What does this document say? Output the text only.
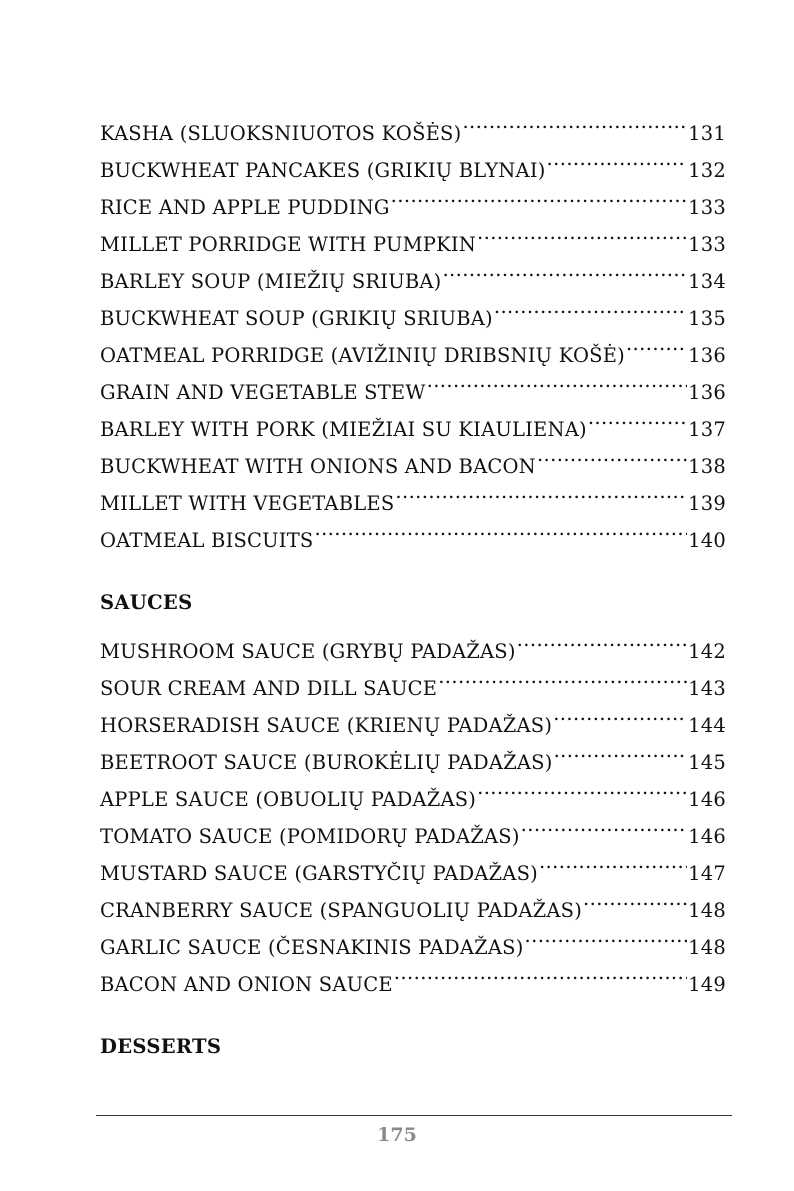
KASHA (SLUOKSNIUOTOS KOŠĖS) .....	131
BUCKWHEAT PANCAKES (GRIKIŲ BLYNAI) .....	132
RICE AND APPLE PUDDING .....	133
MILLET PORRIDGE WITH PUMPKIN .....	133
BARLEY SOUP (MIEŽIŲ SRIUBA) .....	134
BUCKWHEAT SOUP (GRIKIŲ SRIUBA) .....	135
OATMEAL PORRIDGE (AVIŽINIŲ DRIBSNIŲ KOŠĖ) .....	136
GRAIN AND VEGETABLE STEW .....	136
BARLEY WITH PORK (MIEŽIAI SU KIAULIENA) .....	137
BUCKWHEAT WITH ONIONS AND BACON .....	138
MILLET WITH VEGETABLES .....	139
OATMEAL BISCUITS .....	140
SAUCES
MUSHROOM SAUCE (GRYBŲ PADAŽAS) .....	142
SOUR CREAM AND DILL SAUCE .....	143
HORSERADISH SAUCE (KRIENŲ PADAŽAS) .....	144
BEETROOT SAUCE (BUROKĖLIŲ PADAŽAS) .....	145
APPLE SAUCE (OBUOLIŲ PADAŽAS) .....	146
TOMATO SAUCE (POMIDORŲ PADAŽAS) .....	146
MUSTARD SAUCE (GARSTYČIŲ PADAŽAS) .....	147
CRANBERRY SAUCE (SPANGUOLIŲ PADAŽAS) .....	148
GARLIC SAUCE (ČESNAKINIS PADAŽAS) .....	148
BACON AND ONION SAUCE .....	149
DESSERTS
175
